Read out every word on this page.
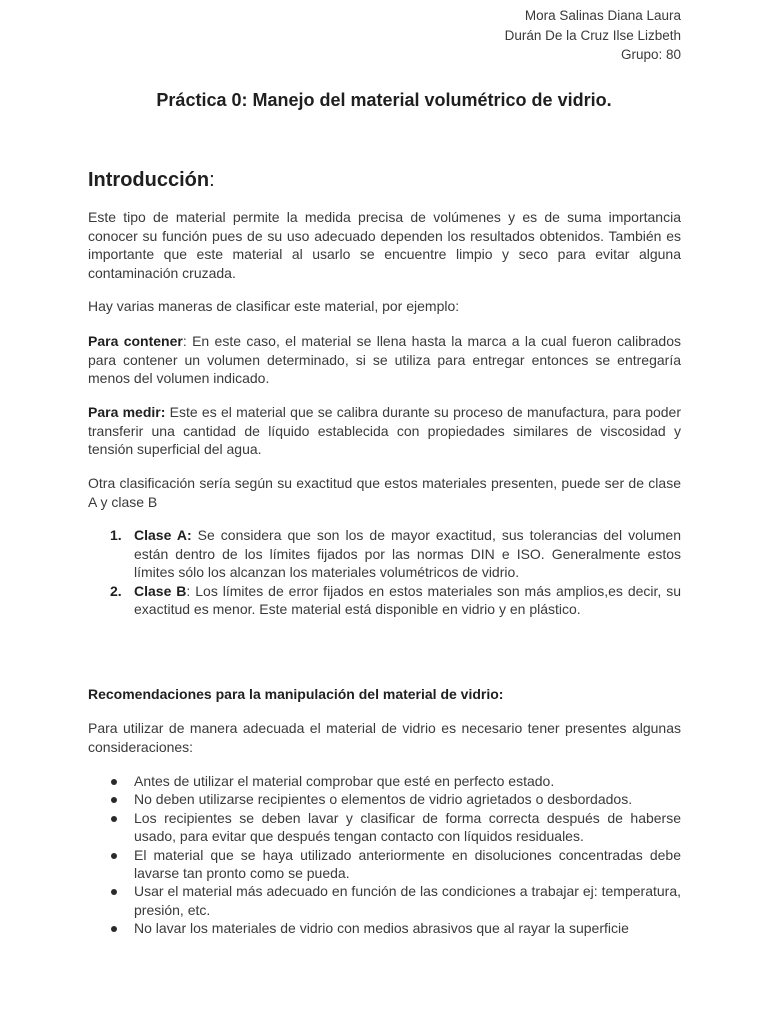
Mora Salinas Diana Laura
Durán De la Cruz Ilse Lizbeth
Grupo: 80
Práctica 0: Manejo del material volumétrico de vidrio.
Introducción:
Este tipo de material permite la medida precisa de volúmenes y es de suma importancia conocer su función pues de su uso adecuado dependen los resultados obtenidos. También es importante que este material al usarlo se encuentre limpio y seco para evitar alguna contaminación cruzada.
Hay varias maneras de clasificar este material, por ejemplo:
Para contener: En este caso, el material se llena hasta la marca a la cual fueron calibrados para contener un volumen determinado, si se utiliza para entregar entonces se entregaría menos del volumen indicado.
Para medir: Este es el material que se calibra durante su proceso de manufactura, para poder transferir una cantidad de líquido establecida con propiedades similares de viscosidad y tensión superficial del agua.
Otra clasificación sería según su exactitud que estos materiales presenten, puede ser de clase A y clase B
1. Clase A: Se considera que son los de mayor exactitud, sus tolerancias del volumen están dentro de los límites fijados por las normas DIN e ISO. Generalmente estos límites sólo los alcanzan los materiales volumétricos de vidrio.
2. Clase B: Los límites de error fijados en estos materiales son más amplios,es decir, su exactitud es menor. Este material está disponible en vidrio y en plástico.
Recomendaciones para la manipulación del material de vidrio:
Para utilizar de manera adecuada el material de vidrio es necesario tener presentes algunas consideraciones:
Antes de utilizar el material comprobar que esté en perfecto estado.
No deben utilizarse recipientes o elementos de vidrio agrietados o desbordados.
Los recipientes se deben lavar y clasificar de forma correcta después de haberse usado, para evitar que después tengan contacto con líquidos residuales.
El material que se haya utilizado anteriormente en disoluciones concentradas debe lavarse tan pronto como se pueda.
Usar el material más adecuado en función de las condiciones a trabajar ej: temperatura, presión, etc.
No lavar los materiales de vidrio con medios abrasivos que al rayar la superficie
